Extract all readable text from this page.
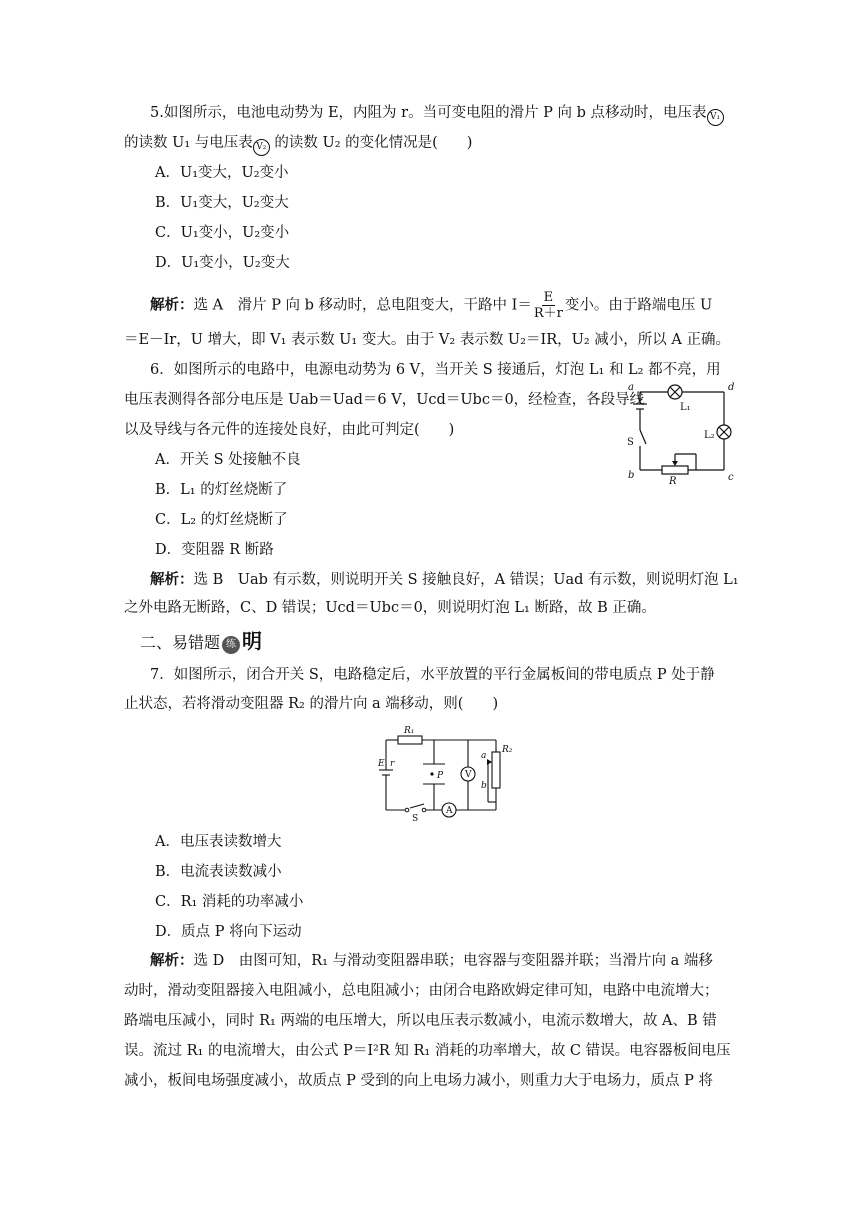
5.如图所示，电池电动势为 E，内阻为 r。当可变电阻的滑片 P 向 b 点移动时，电压表 V₁
的读数 U₁ 与电压表 V₂ 的读数 U₂ 的变化情况是(　　)
A．U₁变大，U₂变小
B．U₁变大，U₂变大
C．U₁变小，U₂变小
D．U₁变小，U₂变大
解析：选 A　滑片 P 向 b 移动时，总电阻变大，干路中 $I= \frac{E}{R+r}$ 变小。由于路端电压 U
＝E－Ir，U 增大，即 V₁ 表示数 U₁ 变大。由于 V₂ 表示数 U₂＝IR，U₂ 减小，所以 A 正确。
6．如图所示的电路中，电源电动势为 6 V，当开关 S 接通后，灯泡 L₁ 和 L₂ 都不亮，用
电压表测得各部分电压是 Uab＝Uad＝6 V，Ucd＝Ubc＝0，经检查，各段导线
以及导线与各元件的连接处良好，由此可判定(　　)
A．开关 S 处接触不良
B．L₁ 的灯丝烧断了
C．L₂ 的灯丝烧断了
D．变阻器 R 断路
解析：选 B　Uab 有示数，则说明开关 S 接触良好，A 错误；Uad 有示数，则说明灯泡 L₁
之外电路无断路，C、D 错误；Ucd＝Ubc＝0，则说明灯泡 L₁ 断路，故 B 正确。
a	d
b	c
R
L₁
L₂
S
二、易错题 练 明
7．如图所示，闭合开关 S，电路稳定后，水平放置的平行金属板间的带电质点 P 处于静
止状态，若将滑动变阻器 R₂ 的滑片向 a 端移动，则(　　)
R₁
R₂
E r
P
a
b
V
A
S
A．电压表读数增大
B．电流表读数减小
C．R₁ 消耗的功率减小
D．质点 P 将向下运动
解析：选 D　由图可知，R₁ 与滑动变阻器串联；电容器与变阻器并联；当滑片向 a 端移
动时，滑动变阻器接入电阻减小，总电阻减小；由闭合电路欧姆定律可知，电路中电流增大；
路端电压减小，同时 R₁ 两端的电压增大，所以电压表示数减小，电流示数增大，故 A、B 错
误。流过 R₁ 的电流增大，由公式 P＝I²R 知 R₁ 消耗的功率增大，故 C 错误。电容器板间电压
减小，板间电场强度减小，故质点 P 受到的向上电场力减小，则重力大于电场力，质点 P 将
